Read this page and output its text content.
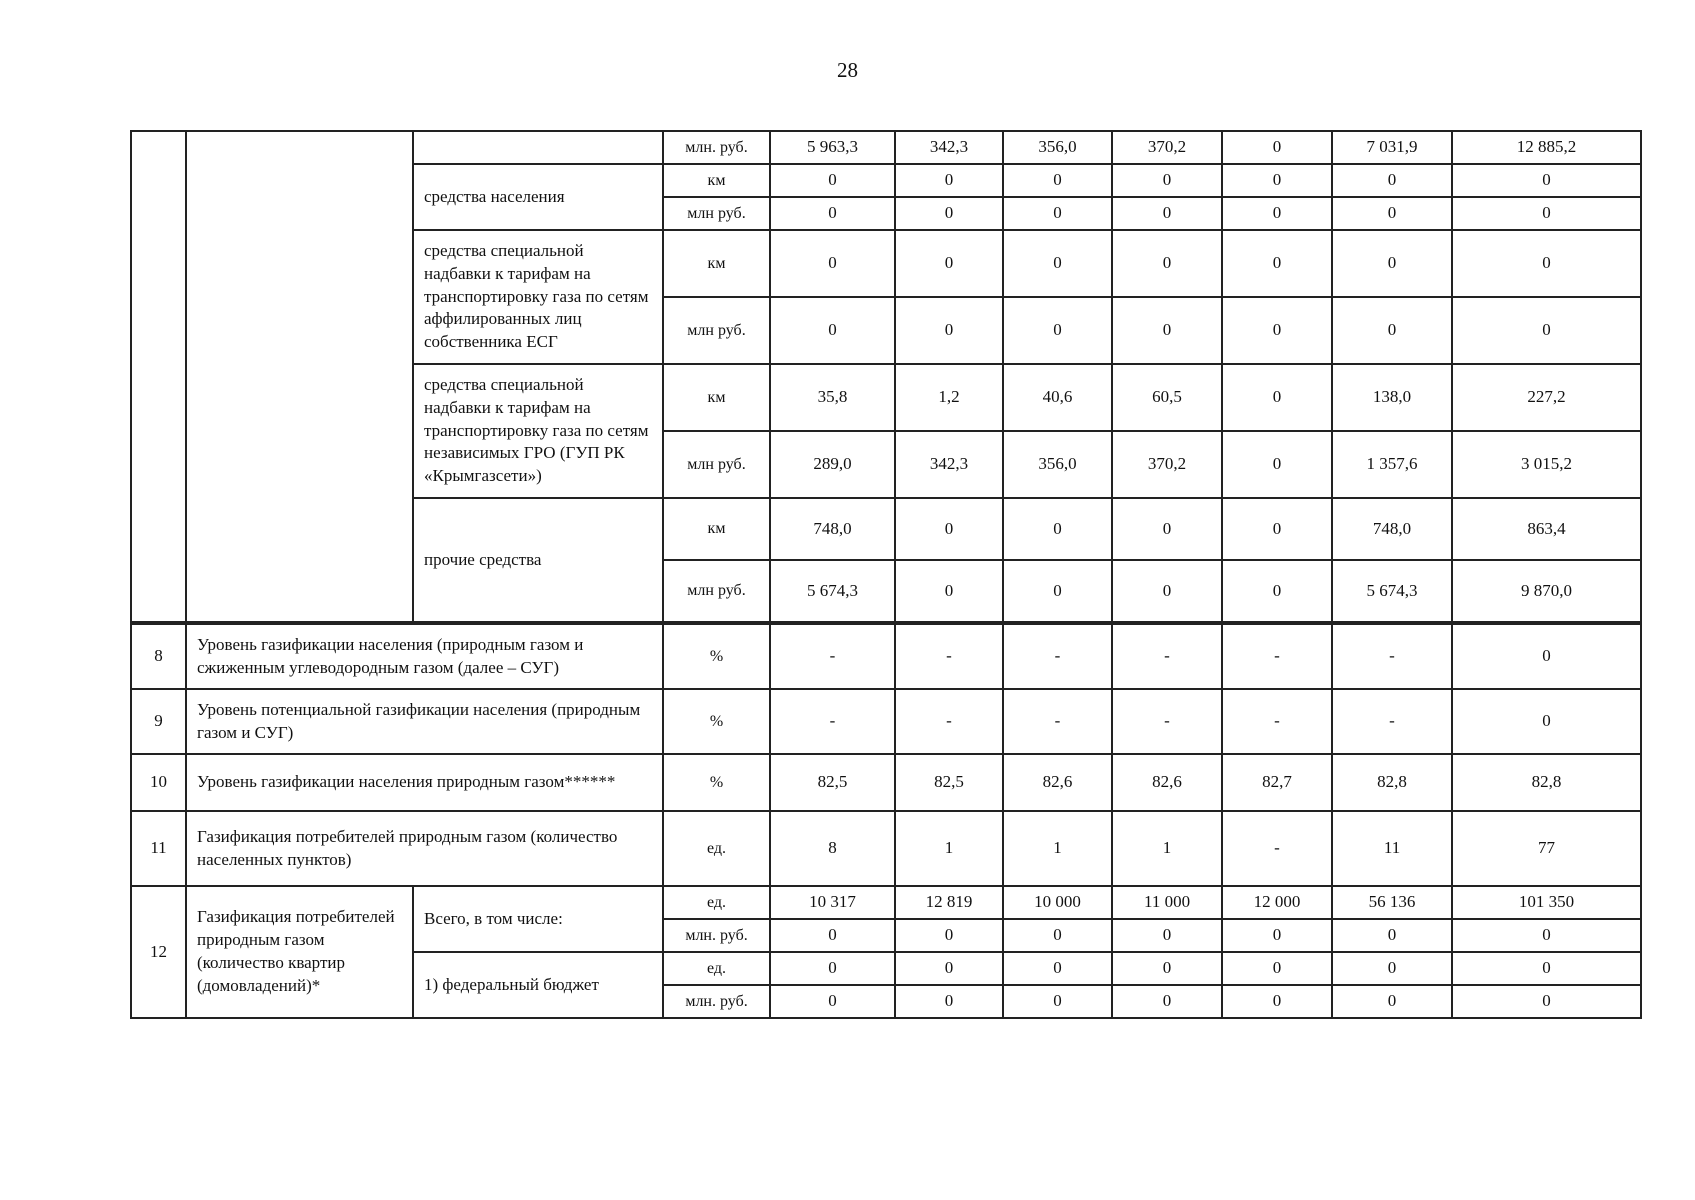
28
			млн. руб.	5 963,3	342,3	356,0	370,2	0	7 031,9	12 885,2
		средства населения	км	0	0	0	0	0	0	0
			млн руб.	0	0	0	0	0	0	0
		средства специальной надбавки к тарифам на транспортировку газа по сетям аффилированных лиц собственника ЕСГ	км	0	0	0	0	0	0	0
			млн руб.	0	0	0	0	0	0	0
		средства специальной надбавки к тарифам на транспортировку газа по сетям независимых ГРО (ГУП РК «Крымгазсети»)	км	35,8	1,2	40,6	60,5	0	138,0	227,2
			млн руб.	289,0	342,3	356,0	370,2	0	1 357,6	3 015,2
		прочие средства	км	748,0	0	0	0	0	748,0	863,4
			млн руб.	5 674,3	0	0	0	0	5 674,3	9 870,0
8	Уровень газификации населения (природным газом и сжиженным углеводородным газом (далее – СУГ)		%	-	-	-	-	-	-	0
9	Уровень потенциальной газификации населения (природным газом и СУГ)		%	-	-	-	-	-	-	0
10	Уровень газификации населения природным газом******		%	82,5	82,5	82,6	82,6	82,7	82,8	82,8
11	Газификация потребителей природным газом (количество населенных пунктов)		ед.	8	1	1	1	-	11	77
12	Газификация потребителей природным газом (количество квартир (домовладений)*	Всего, в том числе:	ед.	10 317	12 819	10 000	11 000	12 000	56 136	101 350
			млн. руб.	0	0	0	0	0	0	0
		1) федеральный бюджет	ед.	0	0	0	0	0	0	0
			млн. руб.	0	0	0	0	0	0	0
